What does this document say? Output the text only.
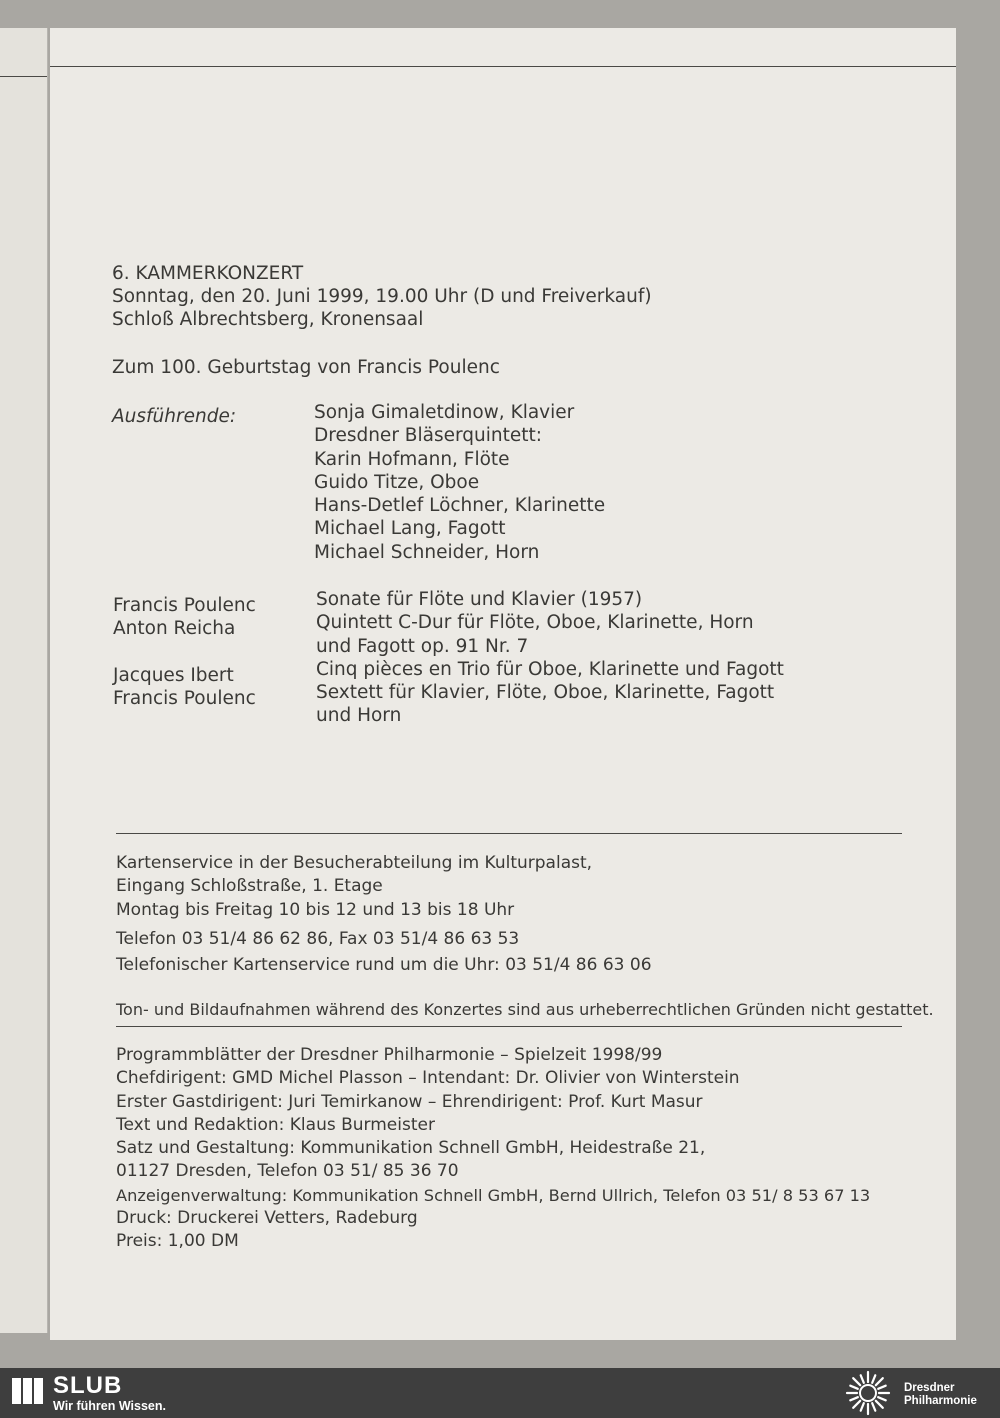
6. KAMMERKONZERT
Sonntag, den 20. Juni 1999, 19.00 Uhr (D und Freiverkauf)
Schloß Albrechtsberg, Kronensaal
Zum 100. Geburtstag von Francis Poulenc
Ausführende:	Sonja Gimaletdinow, Klavier
Dresdner Bläserquintett:
Karin Hofmann, Flöte
Guido Titze, Oboe
Hans-Detlef Löchner, Klarinette
Michael Lang, Fagott
Michael Schneider, Horn
Francis Poulenc
Anton Reicha
Jacques Ibert
Francis Poulenc
Sonate für Flöte und Klavier (1957)
Quintett C-Dur für Flöte, Oboe, Klarinette, Horn
und Fagott op. 91 Nr. 7
Cinq pièces en Trio für Oboe, Klarinette und Fagott
Sextett für Klavier, Flöte, Oboe, Klarinette, Fagott
und Horn
Kartenservice in der Besucherabteilung im Kulturpalast,
Eingang Schloßstraße, 1. Etage
Montag bis Freitag 10 bis 12 und 13 bis 18 Uhr
Telefon 03 51/4 86 62 86, Fax 03 51/4 86 63 53
Telefonischer Kartenservice rund um die Uhr: 03 51/4 86 63 06
Ton- und Bildaufnahmen während des Konzertes sind aus urheberrechtlichen Gründen nicht gestattet.
Programmblätter der Dresdner Philharmonie – Spielzeit 1998/99
Chefdirigent: GMD Michel Plasson – Intendant: Dr. Olivier von Winterstein
Erster Gastdirigent: Juri Temirkanow – Ehrendirigent: Prof. Kurt Masur
Text und Redaktion: Klaus Burmeister
Satz und Gestaltung: Kommunikation Schnell GmbH, Heidestraße 21,
01127 Dresden, Telefon 03 51/ 85 36 70
Anzeigenverwaltung: Kommunikation Schnell GmbH, Bernd Ullrich, Telefon 03 51/ 8 53 67 13
Druck: Druckerei Vetters, Radeburg
Preis: 1,00 DM
SLUB
Wir führen Wissen.
Dresdner
Philharmonie
